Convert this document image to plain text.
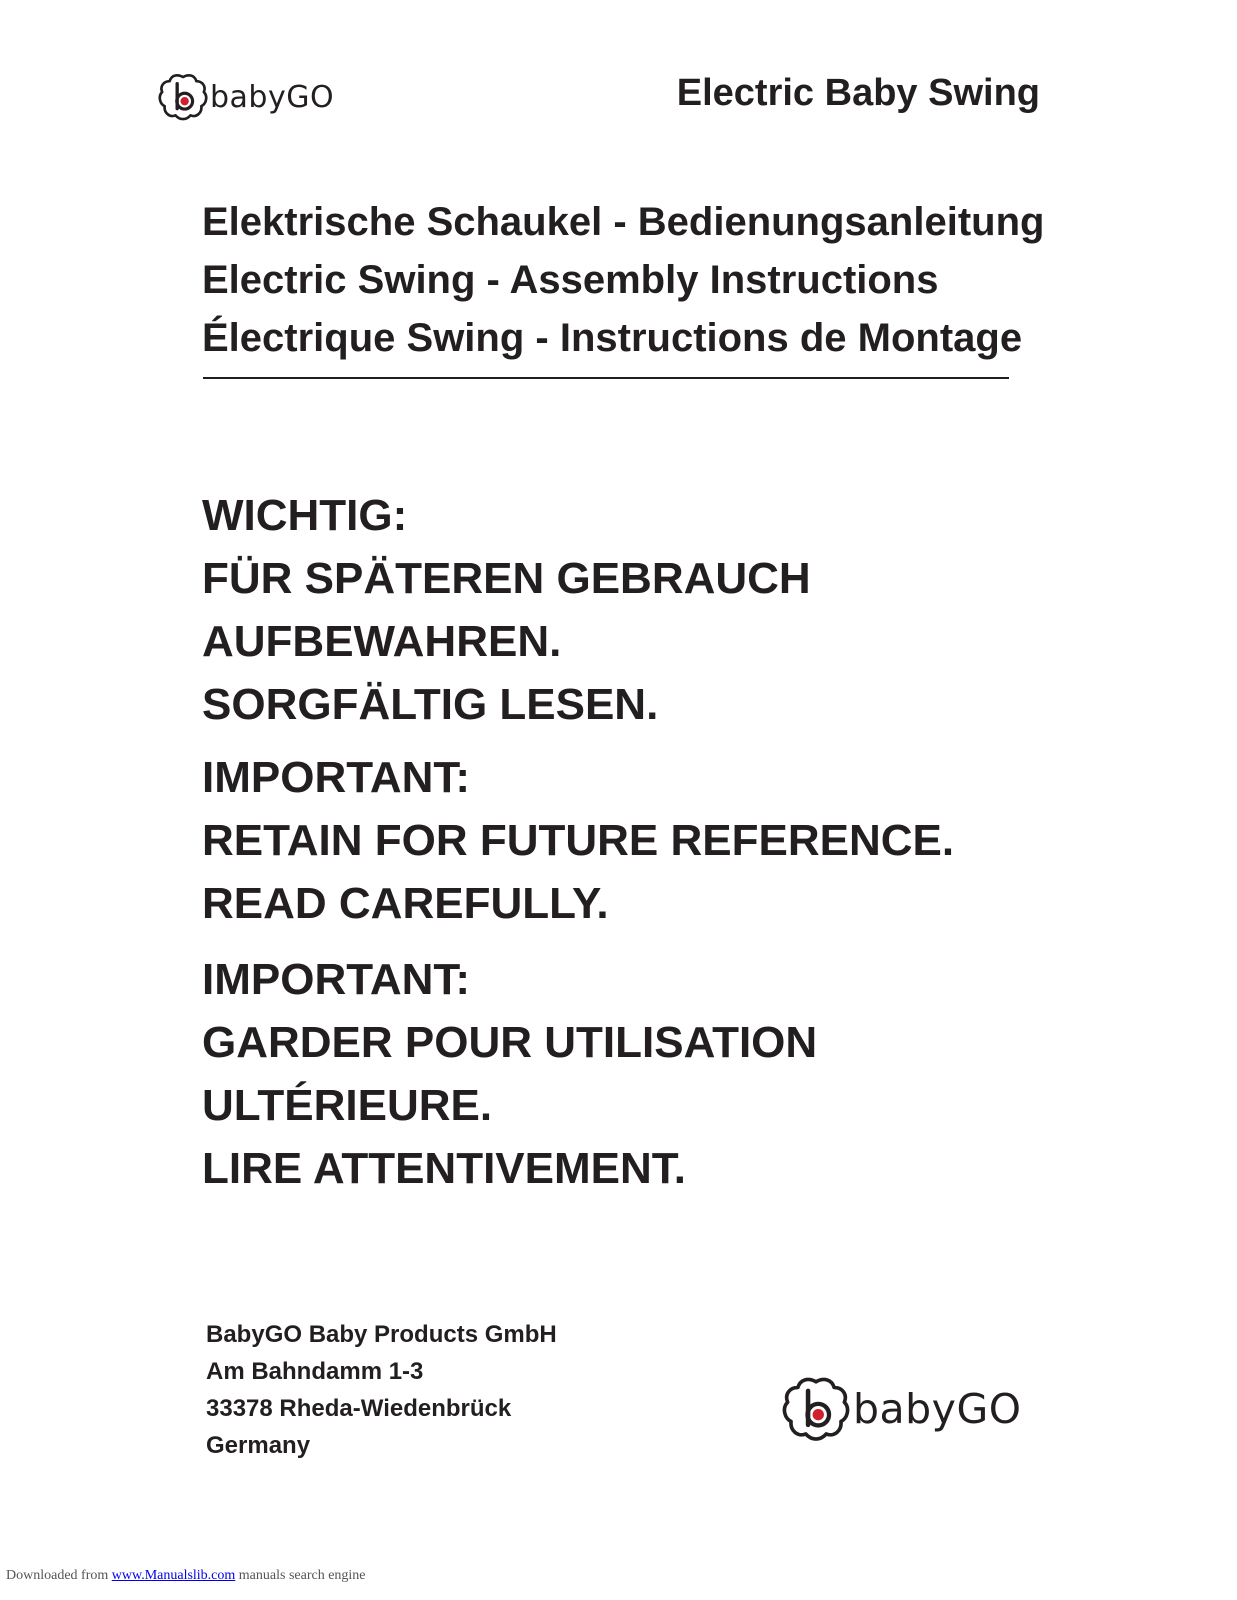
babyGO	Electric Baby Swing
Elektrische Schaukel - Bedienungsanleitung
Electric Swing - Assembly Instructions
Électrique Swing - Instructions de Montage
WICHTIG:
FÜR SPÄTEREN GEBRAUCH
AUFBEWAHREN.
SORGFÄLTIG LESEN.
IMPORTANT:
RETAIN FOR FUTURE REFERENCE.
READ CAREFULLY.
IMPORTANT:
GARDER POUR UTILISATION
ULTÉRIEURE.
LIRE ATTENTIVEMENT.
BabyGO Baby Products GmbH
Am Bahndamm 1-3
33378 Rheda-Wiedenbrück
Germany
babyGO
Downloaded from www.Manualslib.com manuals search engine
